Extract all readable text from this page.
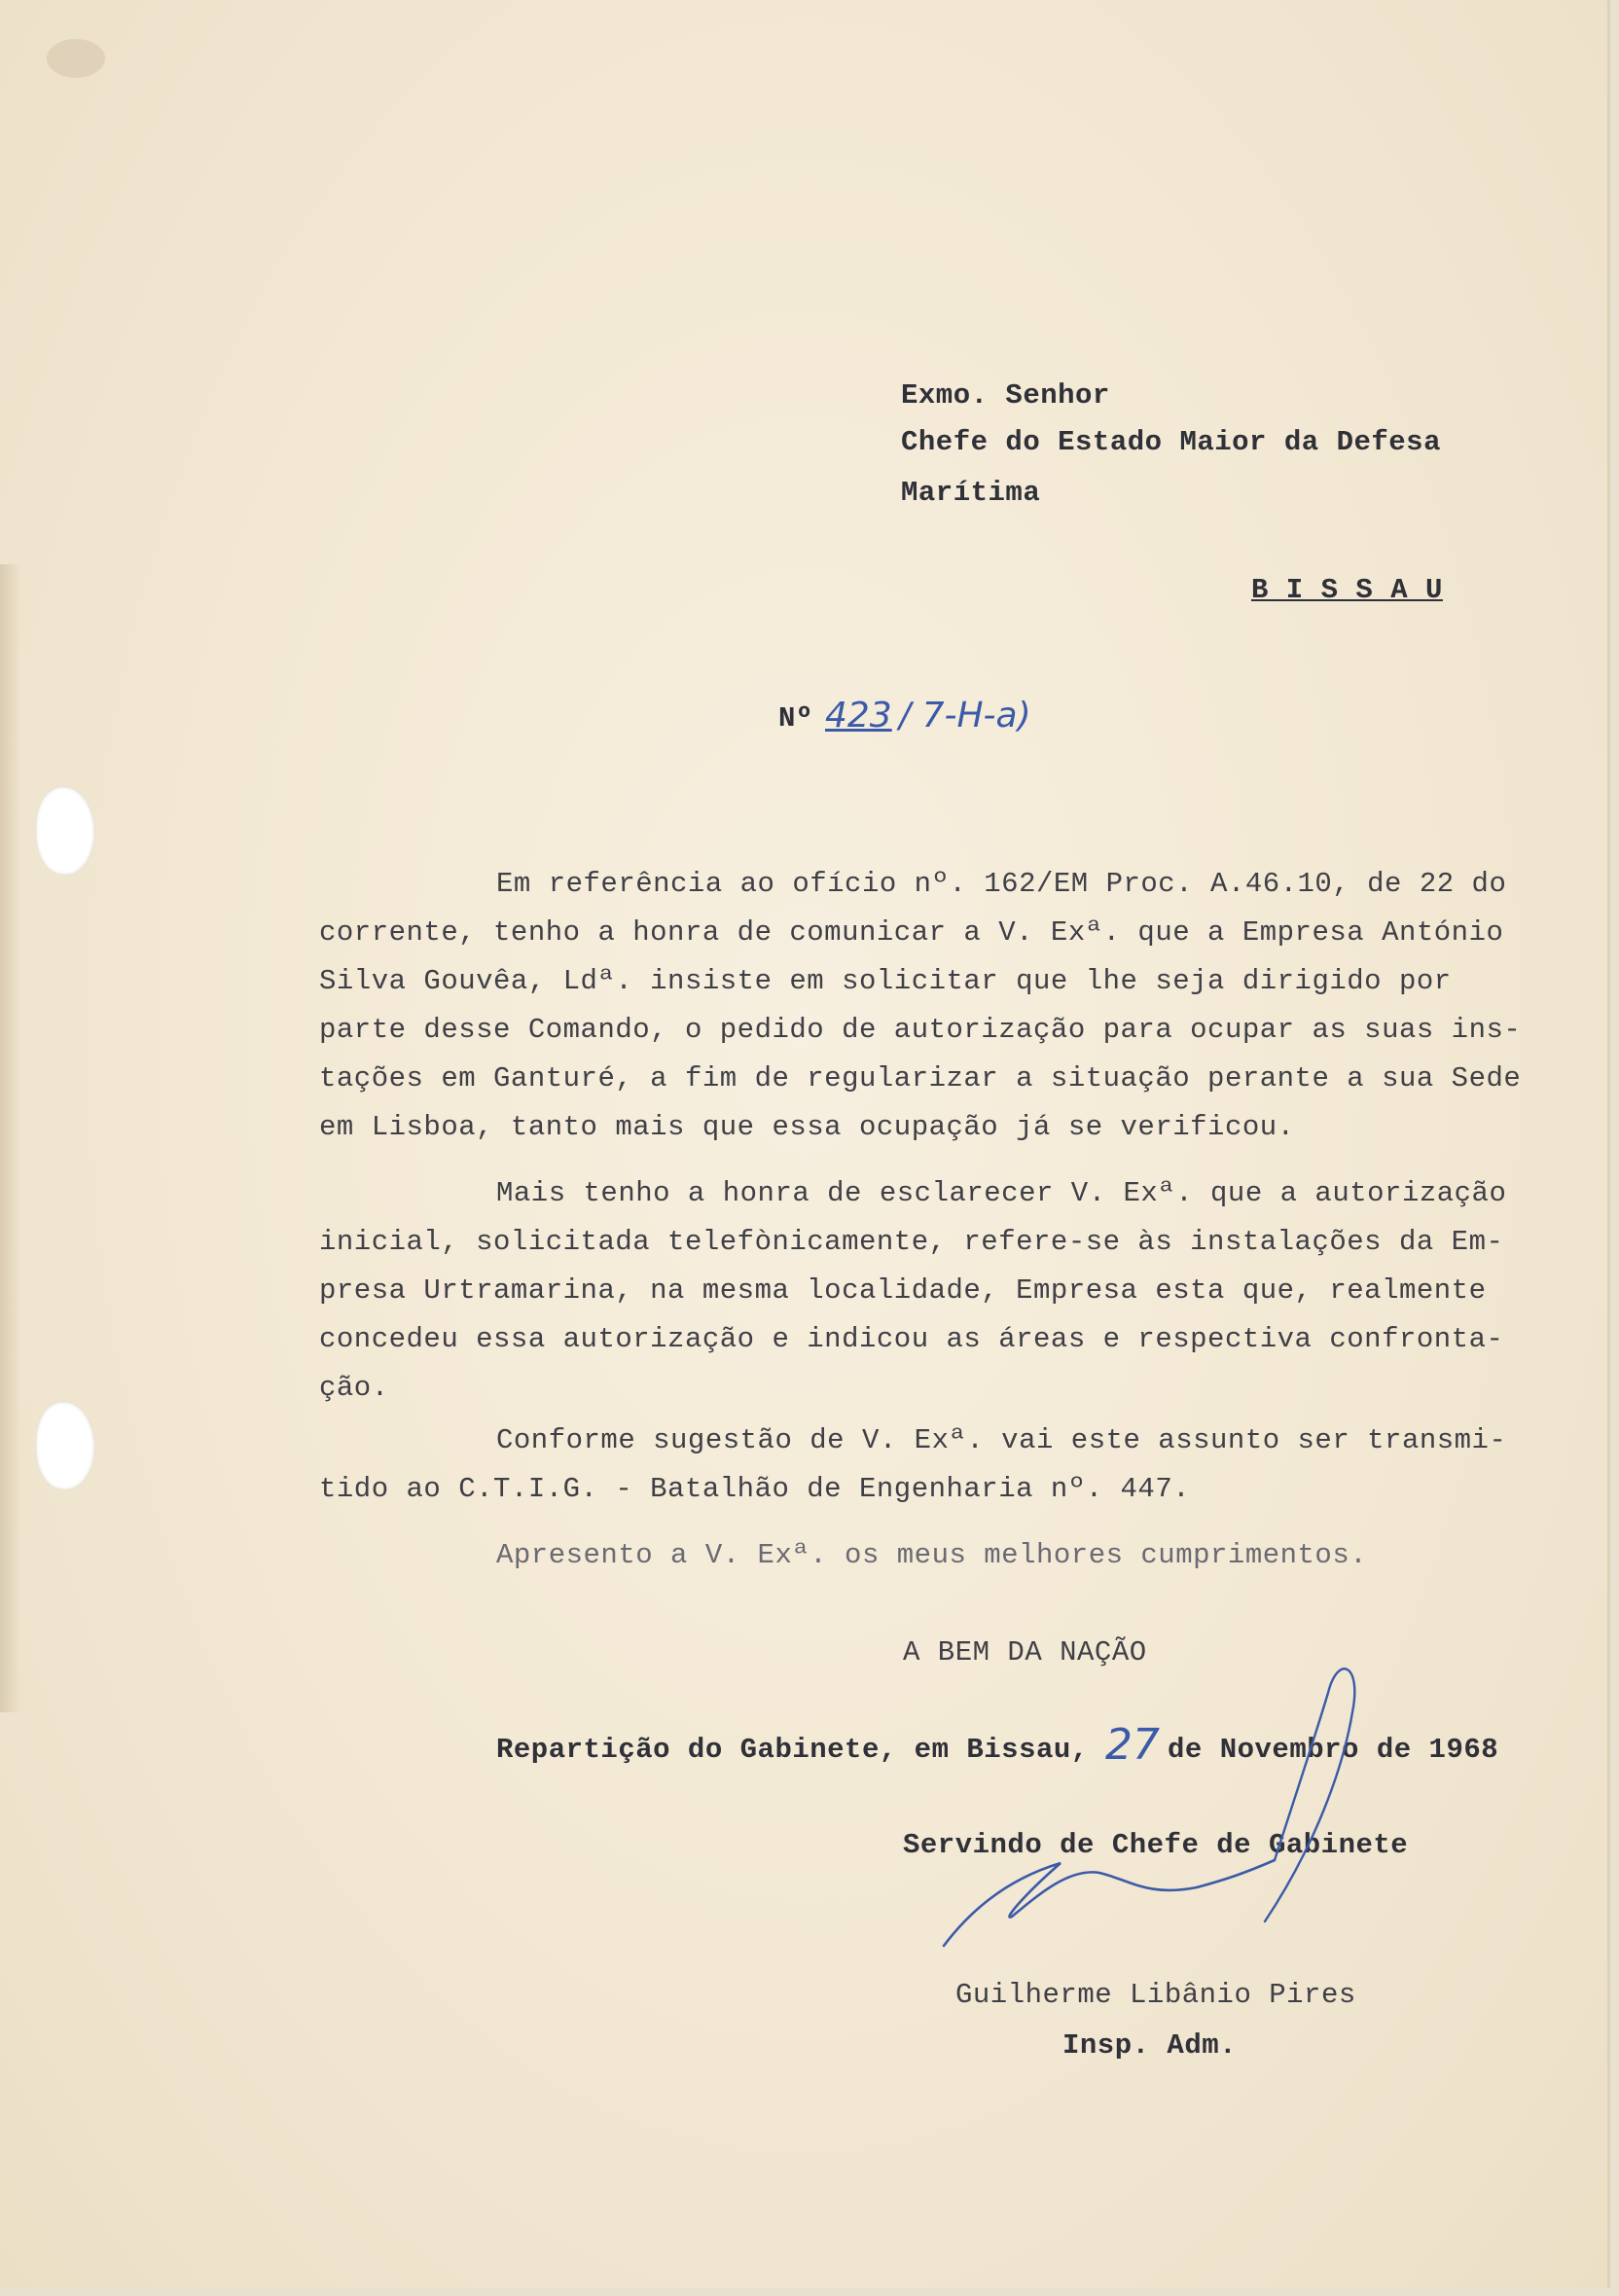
Exmo. Senhor
Chefe do Estado Maior da Defesa
Marítima
B I S S A U
Nº 423 / 7-H-a)
Em referência ao ofício nº. 162/EM Proc. A.46.10, de 22 do
corrente, tenho a honra de comunicar a V. Exª. que a Empresa António
Silva Gouvêa, Ldª. insiste em solicitar que lhe seja dirigido por
parte desse Comando, o pedido de autorização para ocupar as suas ins-
tações em Ganturé, a fim de regularizar a situação perante a sua Sede
em Lisboa, tanto mais que essa ocupação já se verificou.
Mais tenho a honra de esclarecer V. Exª. que a autorização
inicial, solicitada telefònicamente, refere-se às instalações da Em-
presa Urtramarina, na mesma localidade, Empresa esta que, realmente
concedeu essa autorização e indicou as áreas e respectiva confronta-
ção.
Conforme sugestão de V. Exª. vai este assunto ser transmi-
tido ao C.T.I.G. - Batalhão de Engenharia nº. 447.
Apresento a V. Exª. os meus melhores cumprimentos.
A BEM DA NAÇÃO
Repartição do Gabinete, em Bissau, 27 de Novembro de 1968
Servindo de Chefe de Gabinete
Guilherme Libânio Pires
Insp. Adm.
